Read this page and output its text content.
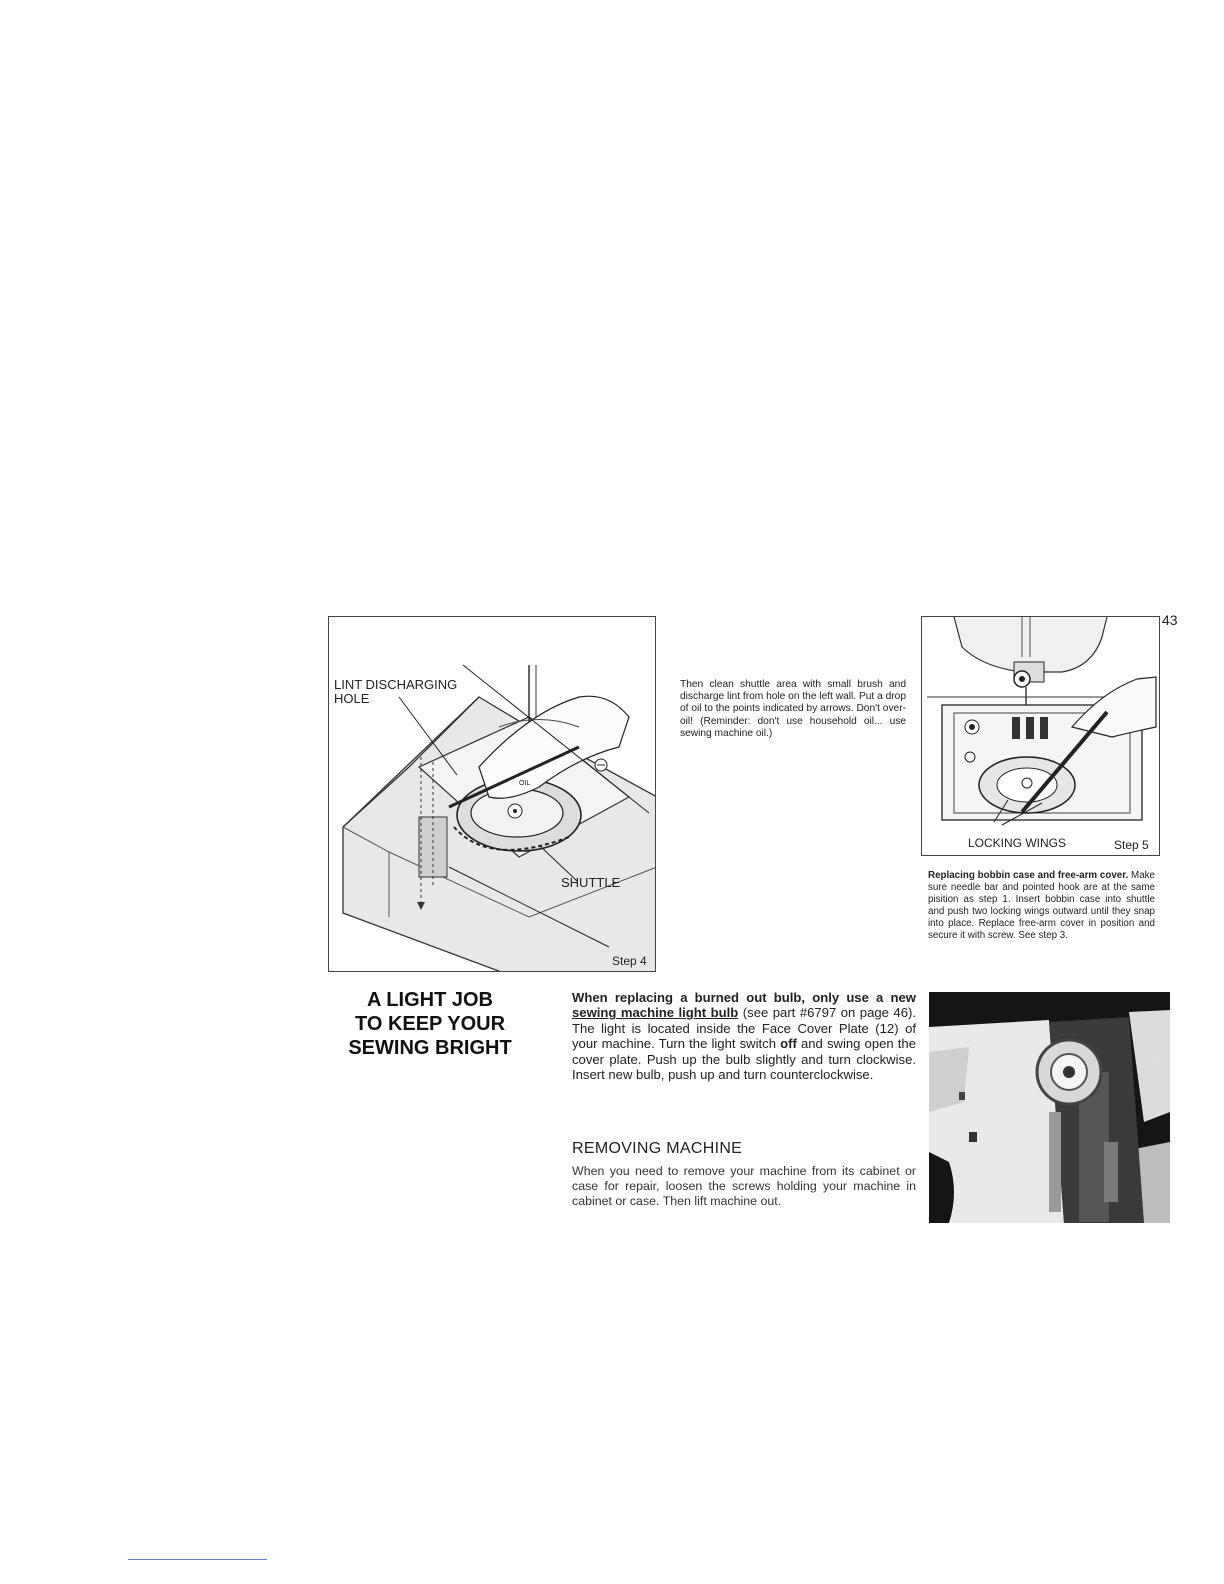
OIL
LINT DISCHARGING
HOLE
SHUTTLE
Step 4
Then clean shuttle area with small brush and discharge lint from hole on the left wall. Put a drop of oil to the points indicated by arrows. Don't over-oil! (Reminder: don't use household oil... use sewing machine oil.)
LOCKING WINGS	Step 5
43
Replacing bobbin case and free-arm cover. Make sure needle bar and pointed hook are at the same pisition as step 1. Insert bobbin case into shuttle and push two locking wings outward until they snap into place. Replace free-arm cover in position and secure it with screw. See step 3.
A LIGHT JOB
TO KEEP YOUR
SEWING BRIGHT
When replacing a burned out bulb, only use a new sewing machine light bulb (see part #6797 on page 46). The light is located inside the Face Cover Plate (12) of your machine. Turn the light switch off and swing open the cover plate. Push up the bulb slightly and turn clockwise. Insert new bulb, push up and turn counterclockwise.
REMOVING MACHINE
When you need to remove your machine from its cabinet or case for repair, loosen the screws holding your machine in cabinet or case. Then lift machine out.
K
